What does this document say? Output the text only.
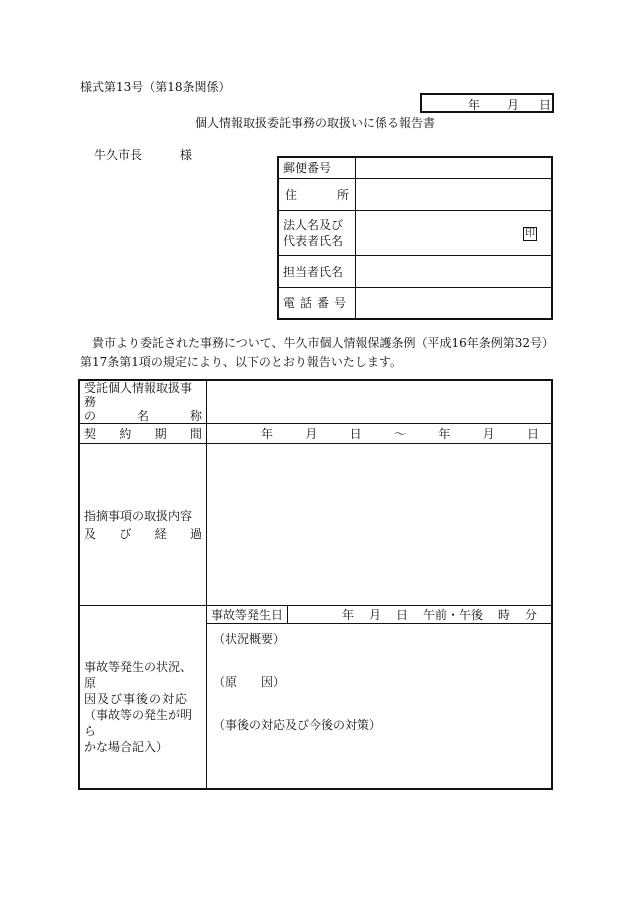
様式第13号（第18条関係）
年 月 日
個人情報取扱委託事務の取扱いに係る報告書
牛久市長	様
郵便番号	

住 所	

法人名及び
代表者氏名	印
担当者氏名	
電話番号	
貴市より委託された事務について、牛久市個人情報保護条例（平成16年条例第32号）第17条第1項の規定により、以下のとおり報告いたします。
受託個人情報取扱事務
の	名	称

契 約 期 間	年	月	日	～	年	月	日

指摘事項の取扱内容
及 び 経 過

事故等発生の状況、原
因及び事後の対応
（事故等の発生が明ら
かな場合記入）

事故等発生日	年 月 日 午前・午後 時 分

（状況概要）
（原　　因）
（事後の対応及び今後の対策）
